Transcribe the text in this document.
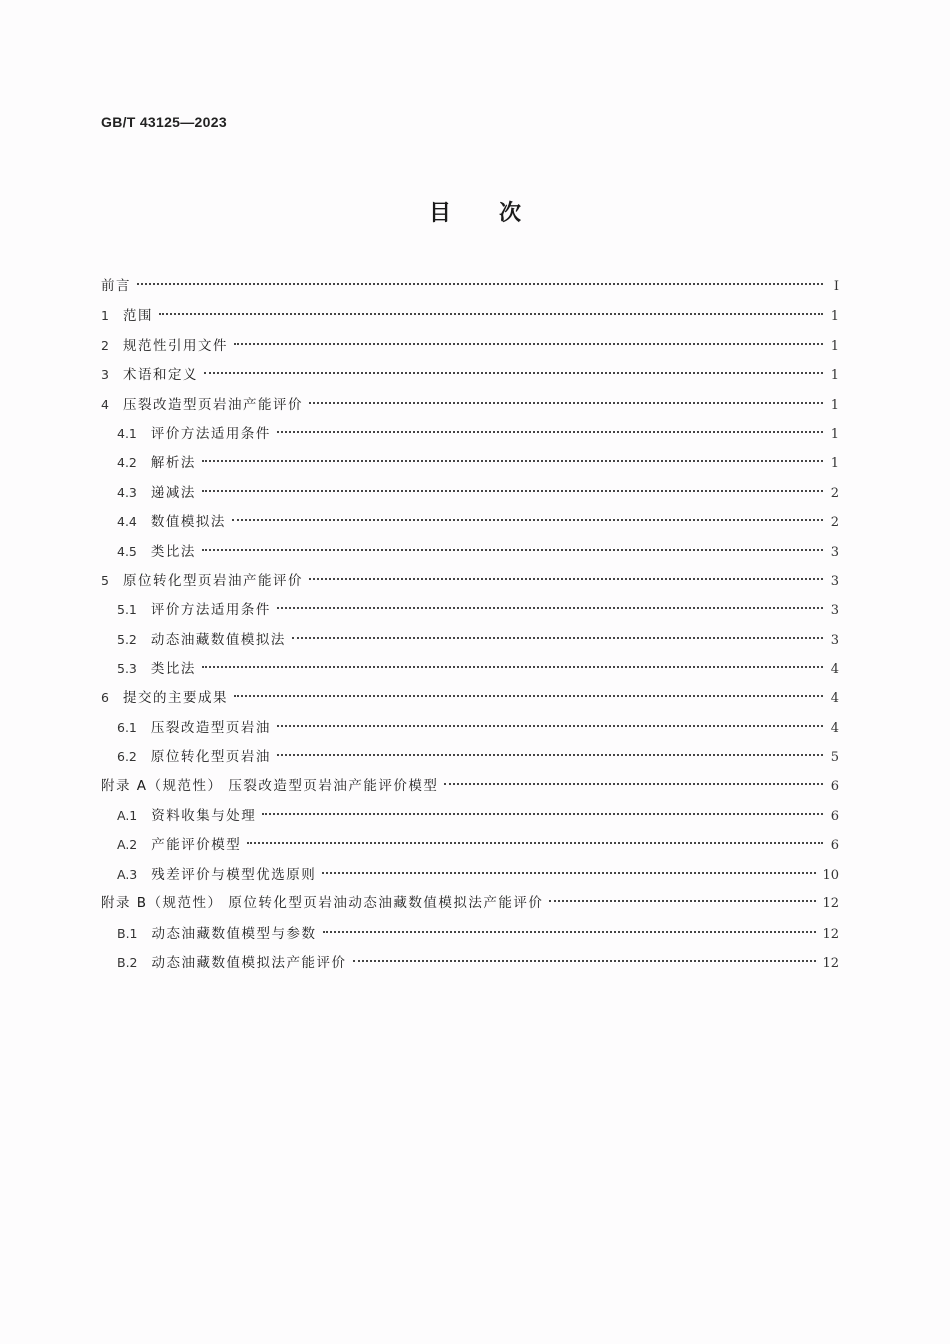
GB/T 43125—2023
目次
前言	I
1 范围	1
2 规范性引用文件	1
3 术语和定义	1
4 压裂改造型页岩油产能评价	1
4.1 评价方法适用条件	1
4.2 解析法	1
4.3 递减法	2
4.4 数值模拟法	2
4.5 类比法	3
5 原位转化型页岩油产能评价	3
5.1 评价方法适用条件	3
5.2 动态油藏数值模拟法	3
5.3 类比法	4
6 提交的主要成果	4
6.1 压裂改造型页岩油	4
6.2 原位转化型页岩油	5
附录 A（规范性） 压裂改造型页岩油产能评价模型	6
A.1 资料收集与处理	6
A.2 产能评价模型	6
A.3 残差评价与模型优选原则	10
附录 B（规范性） 原位转化型页岩油动态油藏数值模拟法产能评价	12
B.1 动态油藏数值模型与参数	12
B.2 动态油藏数值模拟法产能评价	12
